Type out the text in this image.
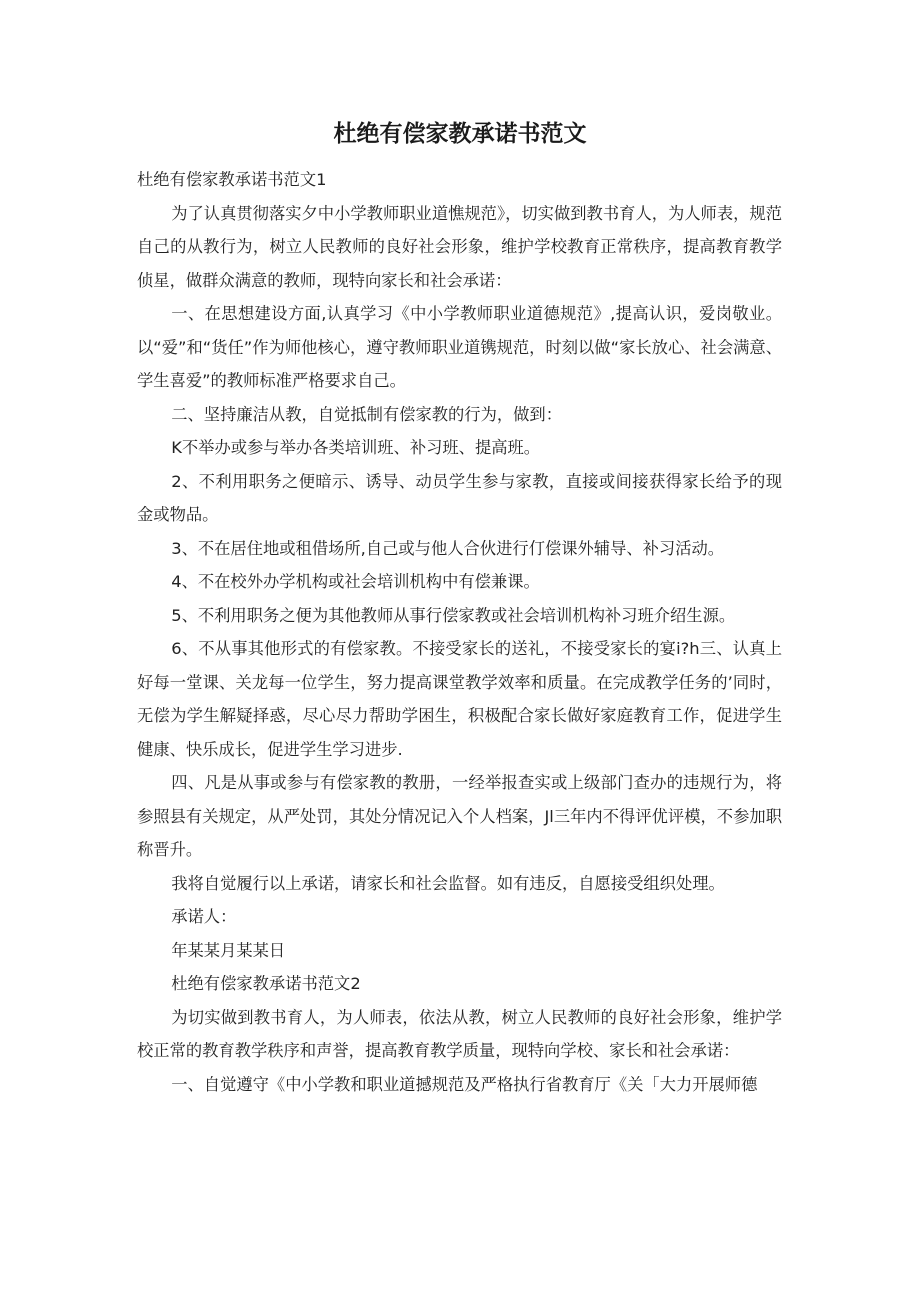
杜绝有偿家教承诺书范文

杜绝有偿家教承诺书范文1

为了认真贯彻落实夕中小学教师职业道憔规范》，切实做到教书育人，为人师表，规范自己的从教行为，树立人民教师的良好社会形象，维护学校教育正常秩序，提高教育教学侦星，做群众满意的教师，现特向家长和社会承诺：

一、在思想建设方面,认真学习《中小学教师职业道德规范》,提高认识，爱岗敬业。以“爱”和“货任”作为师他核心，遵守教师职业道镌规范，时刻以做“家长放心、社会满意、学生喜爱”的教师标准严格要求自己。

二、坚持廉洁从教，自觉抵制有偿家教的行为，做到：

K不举办或参与举办各类培训班、补习班、提高班。

2、不利用职务之便暗示、诱导、动员学生参与家教，直接或间接获得家长给予的现金或物品。

3、不在居住地或租借场所,自己或与他人合伙进行仃偿课外辅导、补习活动。

4、不在校外办学机构或社会培训机构中有偿兼课。

5、不利用职务之便为其他教师从事行偿家教或社会培训机构补习班介绍生源。

6、不从事其他形式的有偿家教。不接受家长的送礼，不接受家长的宴i?h三、认真上好每一堂课、关龙每一位学生，努力提高课堂教学效率和质量。在完成教学任务的’同时，无偿为学生解疑择惑，尽心尽力帮助学困生，积极配合家长做好家庭教育工作，促进学生健康、快乐成长，促进学生学习进步.

四、凡是从事或参与有偿家教的教册，一经举报查实或上级部门查办的违规行为，将参照县有关规定，从严处罚，其处分情况记入个人档案，Jl三年内不得评优评模，不参加职称晋升。

我将自觉履行以上承诺，请家长和社会监督。如有违反，自愿接受组织处理。

承诺人：

年某某月某某日

杜绝有偿家教承诺书范文2

为切实做到教书育人，为人师表，依法从教，树立人民教师的良好社会形象，维护学校正常的教育教学秩序和声誉，提高教育教学质量，现特向学校、家长和社会承诺：

一、自觉遵守《中小学教和职业道撼规范及严格执行省教育厅《关「大力开展师德
